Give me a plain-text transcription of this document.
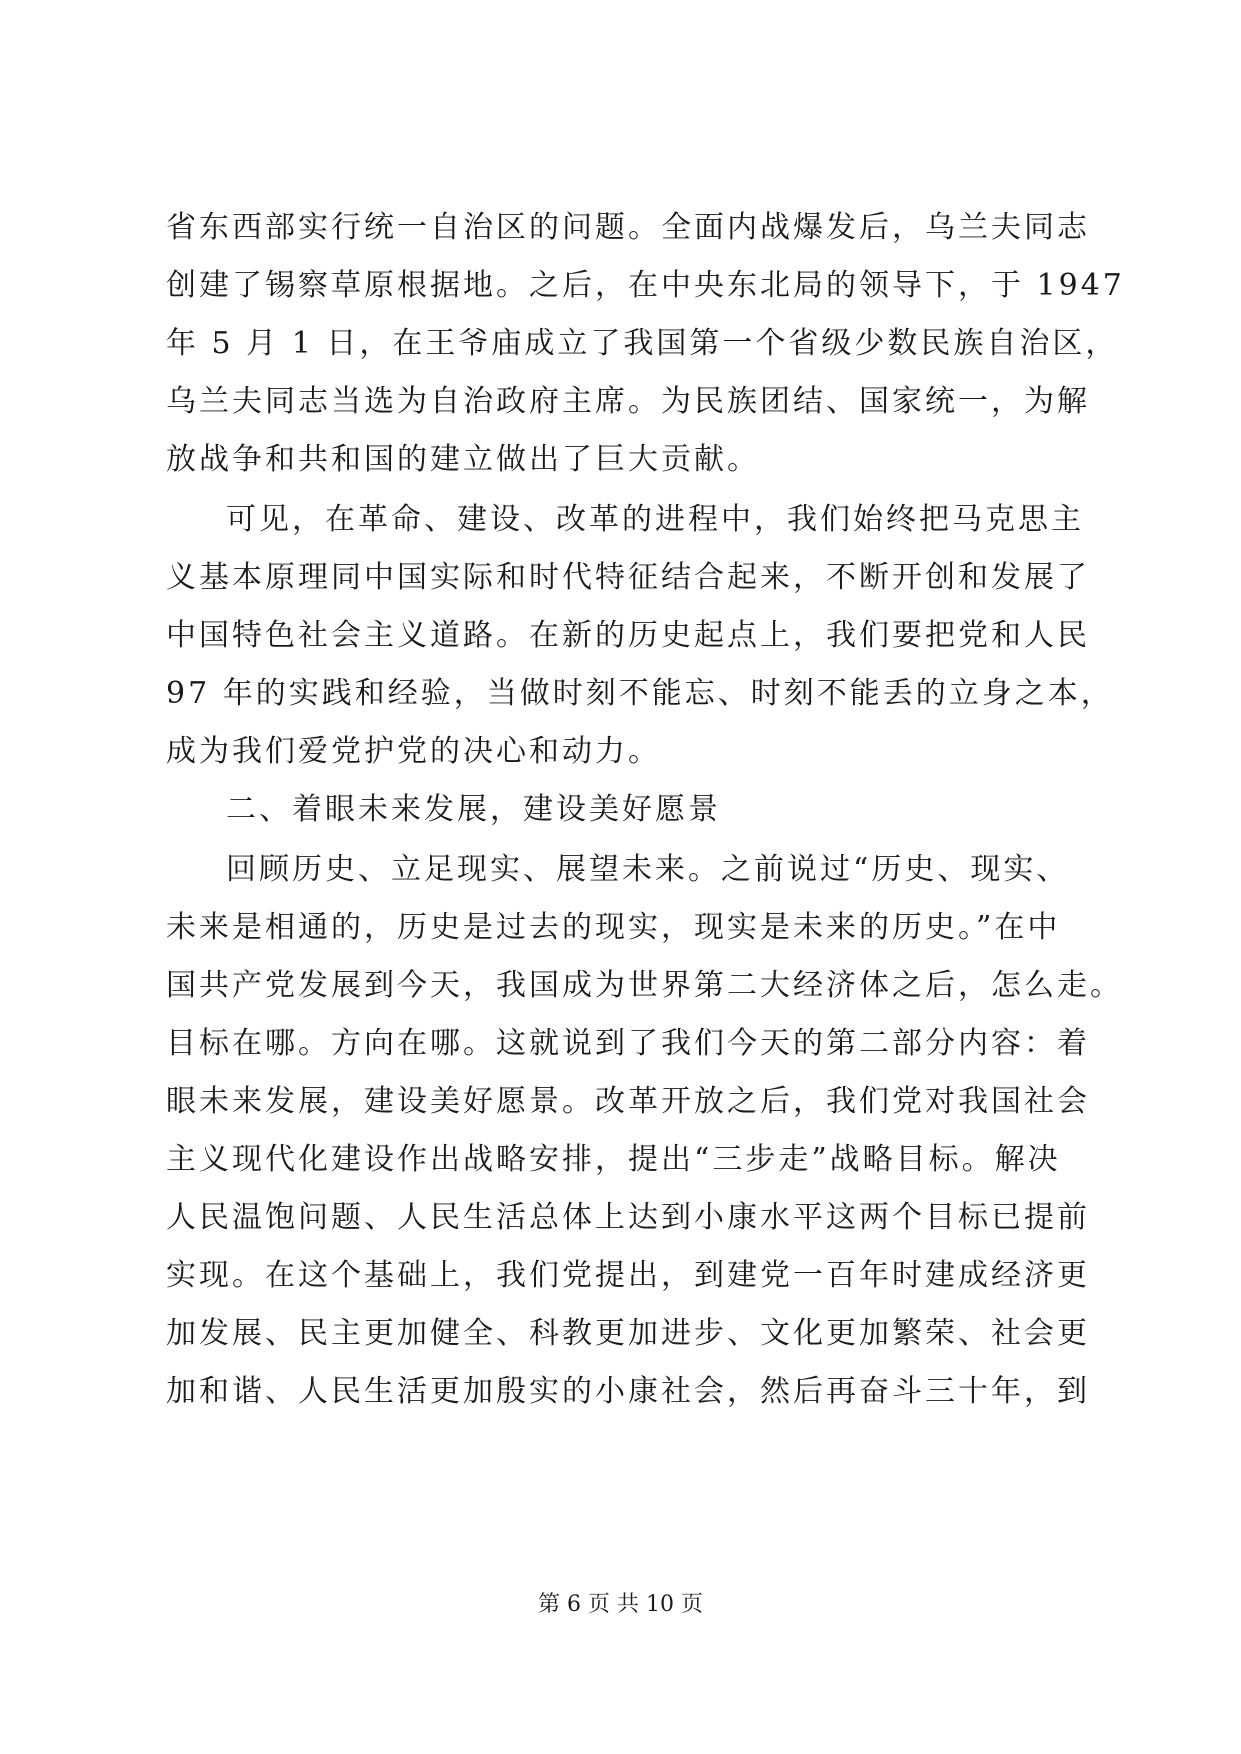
省东西部实行统一自治区的问题。全面内战爆发后，乌兰夫同志
创建了锡察草原根据地。之后，在中央东北局的领导下，于 1947
年 5 月 1 日，在王爷庙成立了我国第一个省级少数民族自治区，
乌兰夫同志当选为自治政府主席。为民族团结、国家统一，为解
放战争和共和国的建立做出了巨大贡献。
可见，在革命、建设、改革的进程中，我们始终把马克思主
义基本原理同中国实际和时代特征结合起来，不断开创和发展了
中国特色社会主义道路。在新的历史起点上，我们要把党和人民
97 年的实践和经验，当做时刻不能忘、时刻不能丢的立身之本，
成为我们爱党护党的决心和动力。
二、着眼未来发展，建设美好愿景
回顾历史、立足现实、展望未来。之前说过“历史、现实、
未来是相通的，历史是过去的现实，现实是未来的历史。”在中
国共产党发展到今天，我国成为世界第二大经济体之后，怎么走。
目标在哪。方向在哪。这就说到了我们今天的第二部分内容：着
眼未来发展，建设美好愿景。改革开放之后，我们党对我国社会
主义现代化建设作出战略安排，提出“三步走”战略目标。解决
人民温饱问题、人民生活总体上达到小康水平这两个目标已提前
实现。在这个基础上，我们党提出，到建党一百年时建成经济更
加发展、民主更加健全、科教更加进步、文化更加繁荣、社会更
加和谐、人民生活更加殷实的小康社会，然后再奋斗三十年，到
第 6 页 共 10 页
